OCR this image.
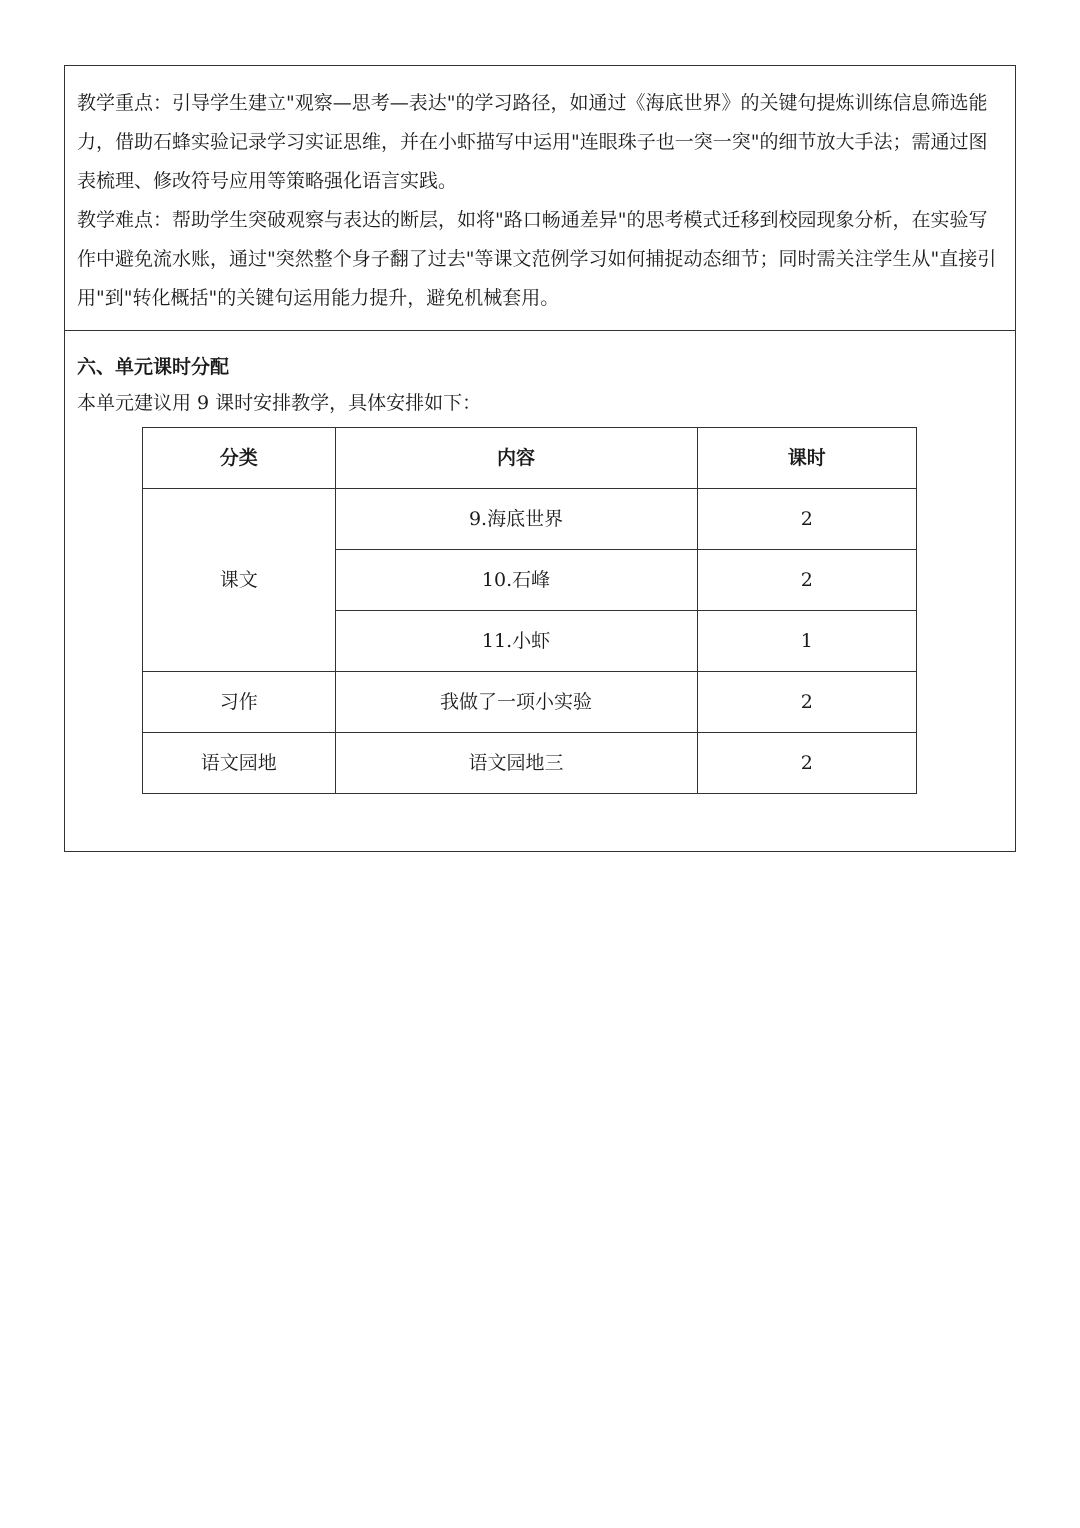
教学重点：引导学生建立"观察—思考—表达"的学习路径，如通过《海底世界》的关键句提炼训练信息筛选能力，借助石蜂实验记录学习实证思维，并在小虾描写中运用"连眼珠子也一突一突"的细节放大手法；需通过图表梳理、修改符号应用等策略强化语言实践。

教学难点：帮助学生突破观察与表达的断层，如将"路口畅通差异"的思考模式迁移到校园现象分析，在实验写作中避免流水账，通过"突然整个身子翻了过去"等课文范例学习如何捕捉动态细节；同时需关注学生从"直接引用"到"转化概括"的关键句运用能力提升，避免机械套用。

六、单元课时分配

本单元建议用 9 课时安排教学，具体安排如下：

分类	内容	课时
课文	9.海底世界	2
	10.石峰	2
	11.小虾	1
习作	我做了一项小实验	2
语文园地	语文园地三	2
